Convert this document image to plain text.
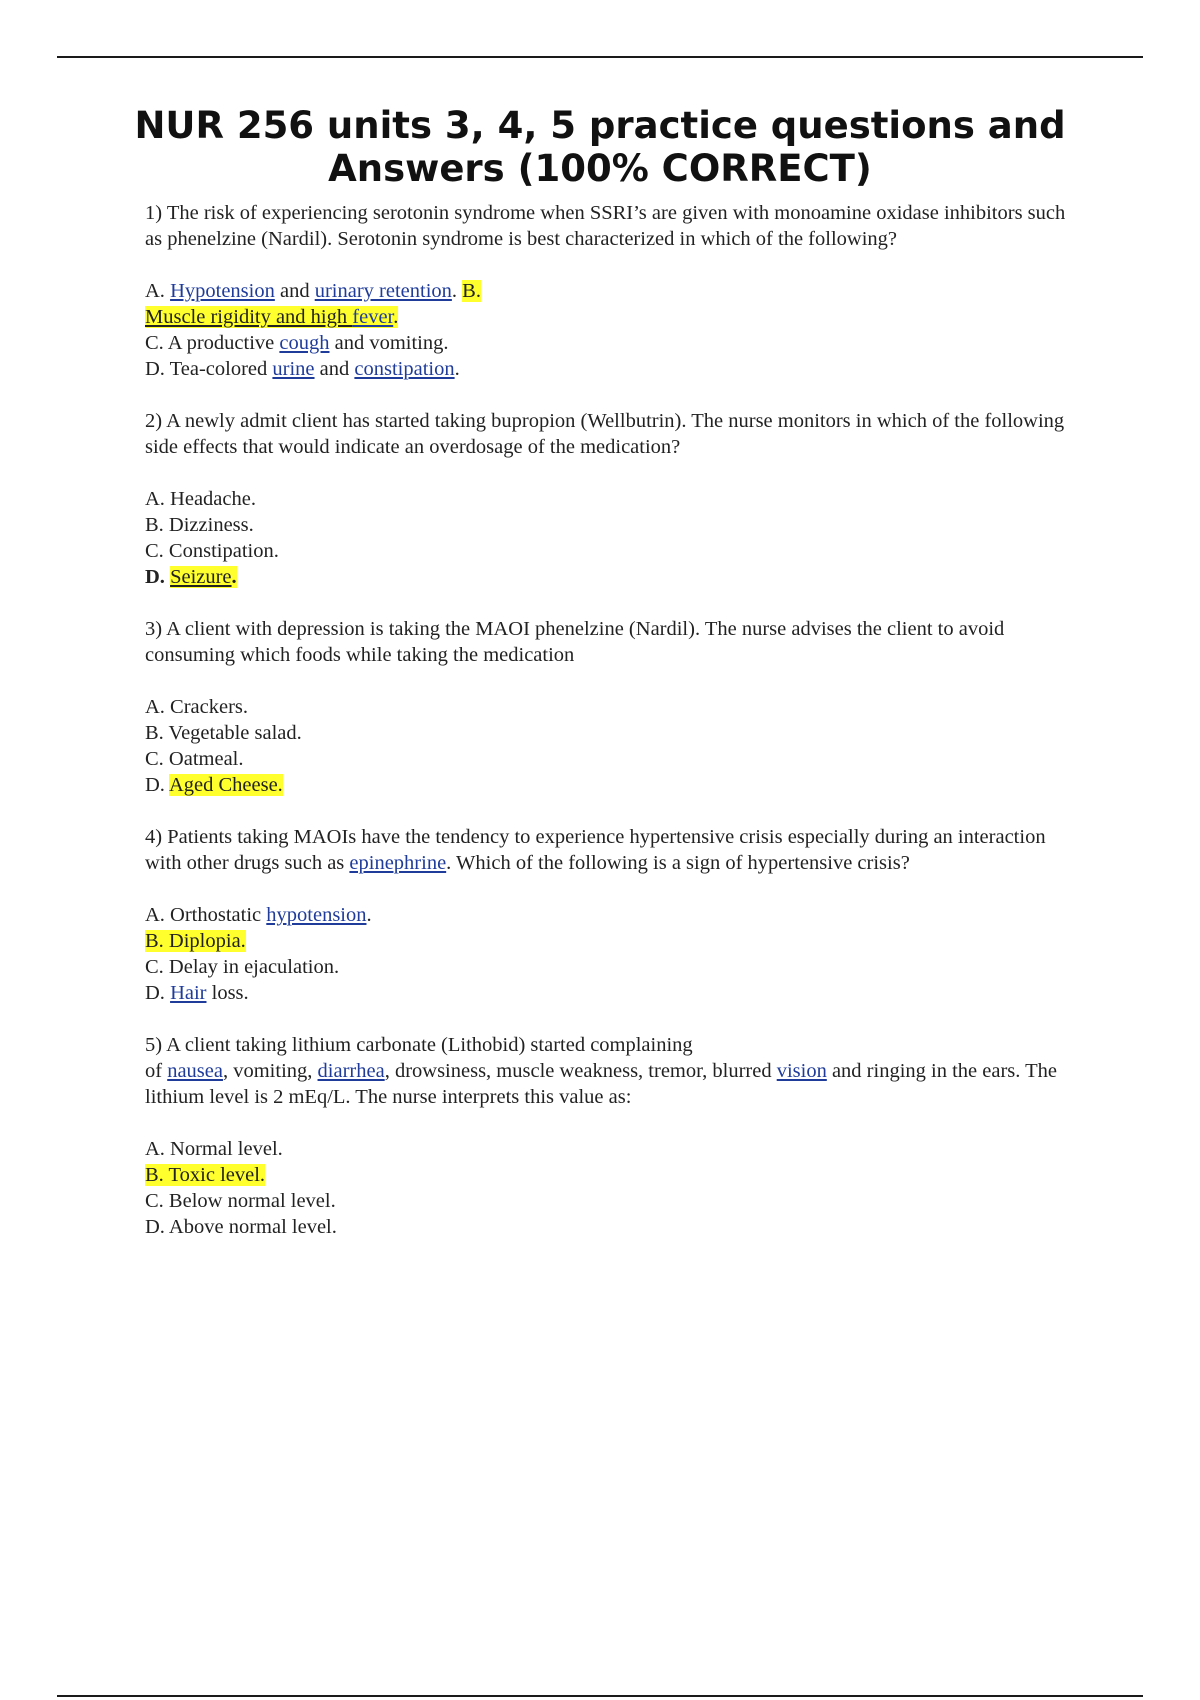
NUR 256 units 3, 4, 5 practice questions and
Answers (100% CORRECT)
1) The risk of experiencing serotonin syndrome when SSRI’s are given with monoamine oxidase inhibitors such as phenelzine (Nardil). Serotonin syndrome is best characterized in which of the following?
A. Hypotension and urinary retention. B.
Muscle rigidity and high fever.
C. A productive cough and vomiting.
D. Tea-colored urine and constipation.
2) A newly admit client has started taking bupropion (Wellbutrin). The nurse monitors in which of the following side effects that would indicate an overdosage of the medication?
A. Headache.
B. Dizziness.
C. Constipation.
D. Seizure.
3) A client with depression is taking the MAOI phenelzine (Nardil). The nurse advises the client to avoid consuming which foods while taking the medication
A. Crackers.
B. Vegetable salad.
C. Oatmeal.
D. Aged Cheese.
4) Patients taking MAOIs have the tendency to experience hypertensive crisis especially during an interaction with other drugs such as epinephrine. Which of the following is a sign of hypertensive crisis?
A. Orthostatic hypotension.
B. Diplopia.
C. Delay in ejaculation.
D. Hair loss.
5) A client taking lithium carbonate (Lithobid) started complaining
of nausea, vomiting, diarrhea, drowsiness, muscle weakness, tremor, blurred vision and ringing in the ears. The lithium level is 2 mEq/L. The nurse interprets this value as:
A. Normal level.
B. Toxic level.
C. Below normal level.
D. Above normal level.
